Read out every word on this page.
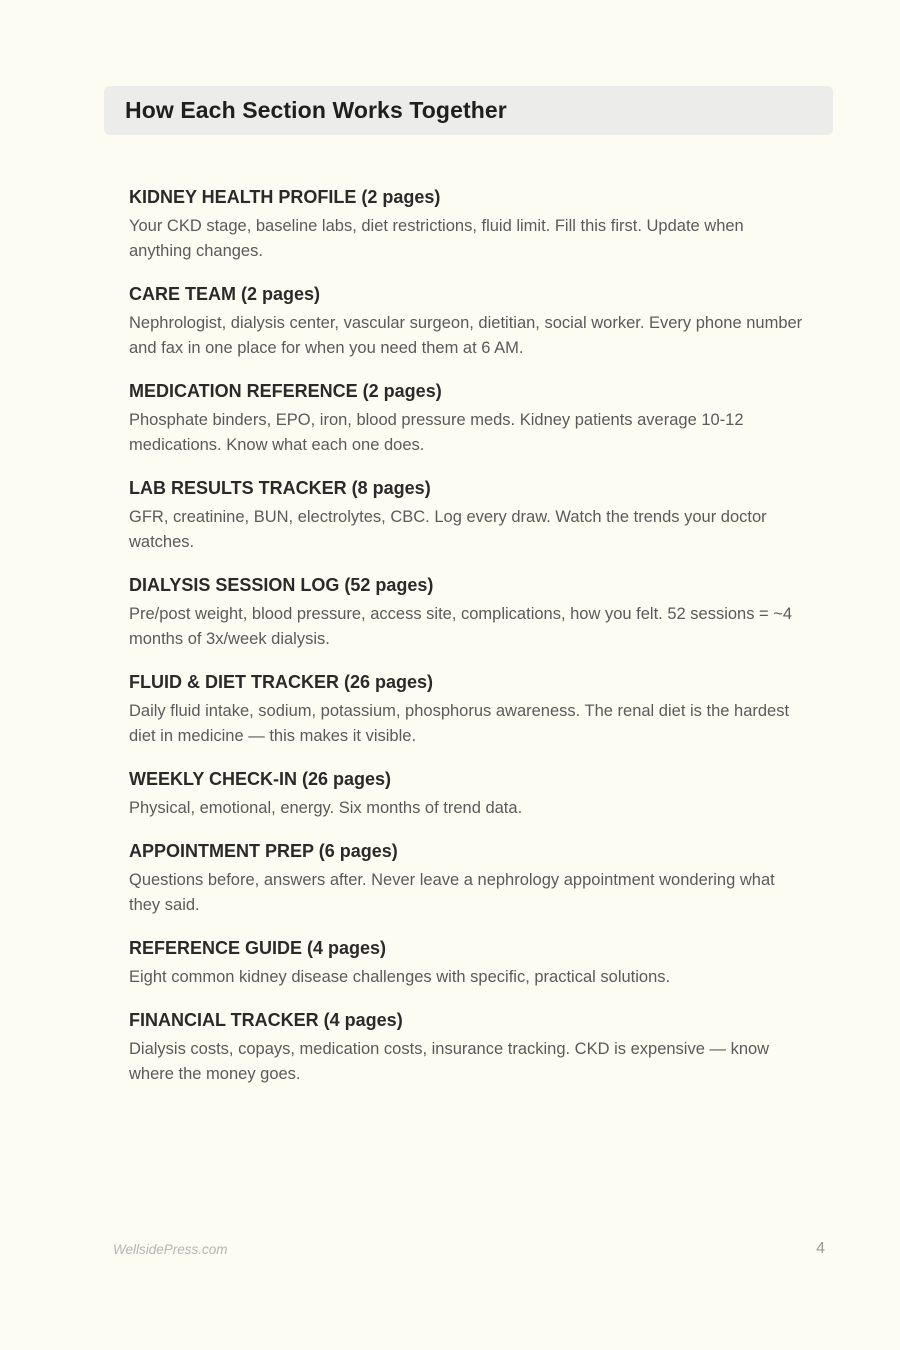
How Each Section Works Together
KIDNEY HEALTH PROFILE (2 pages)

Your CKD stage, baseline labs, diet restrictions, fluid limit. Fill this first. Update when anything changes.

CARE TEAM (2 pages)

Nephrologist, dialysis center, vascular surgeon, dietitian, social worker. Every phone number and fax in one place for when you need them at 6 AM.

MEDICATION REFERENCE (2 pages)

Phosphate binders, EPO, iron, blood pressure meds. Kidney patients average 10-12 medications. Know what each one does.

LAB RESULTS TRACKER (8 pages)

GFR, creatinine, BUN, electrolytes, CBC. Log every draw. Watch the trends your doctor watches.

DIALYSIS SESSION LOG (52 pages)

Pre/post weight, blood pressure, access site, complications, how you felt. 52 sessions = ~4 months of 3x/week dialysis.

FLUID & DIET TRACKER (26 pages)

Daily fluid intake, sodium, potassium, phosphorus awareness. The renal diet is the hardest diet in medicine — this makes it visible.

WEEKLY CHECK-IN (26 pages)

Physical, emotional, energy. Six months of trend data.

APPOINTMENT PREP (6 pages)

Questions before, answers after. Never leave a nephrology appointment wondering what they said.

REFERENCE GUIDE (4 pages)

Eight common kidney disease challenges with specific, practical solutions.

FINANCIAL TRACKER (4 pages)

Dialysis costs, copays, medication costs, insurance tracking. CKD is expensive — know where the money goes.

WellsidePress.com	4
